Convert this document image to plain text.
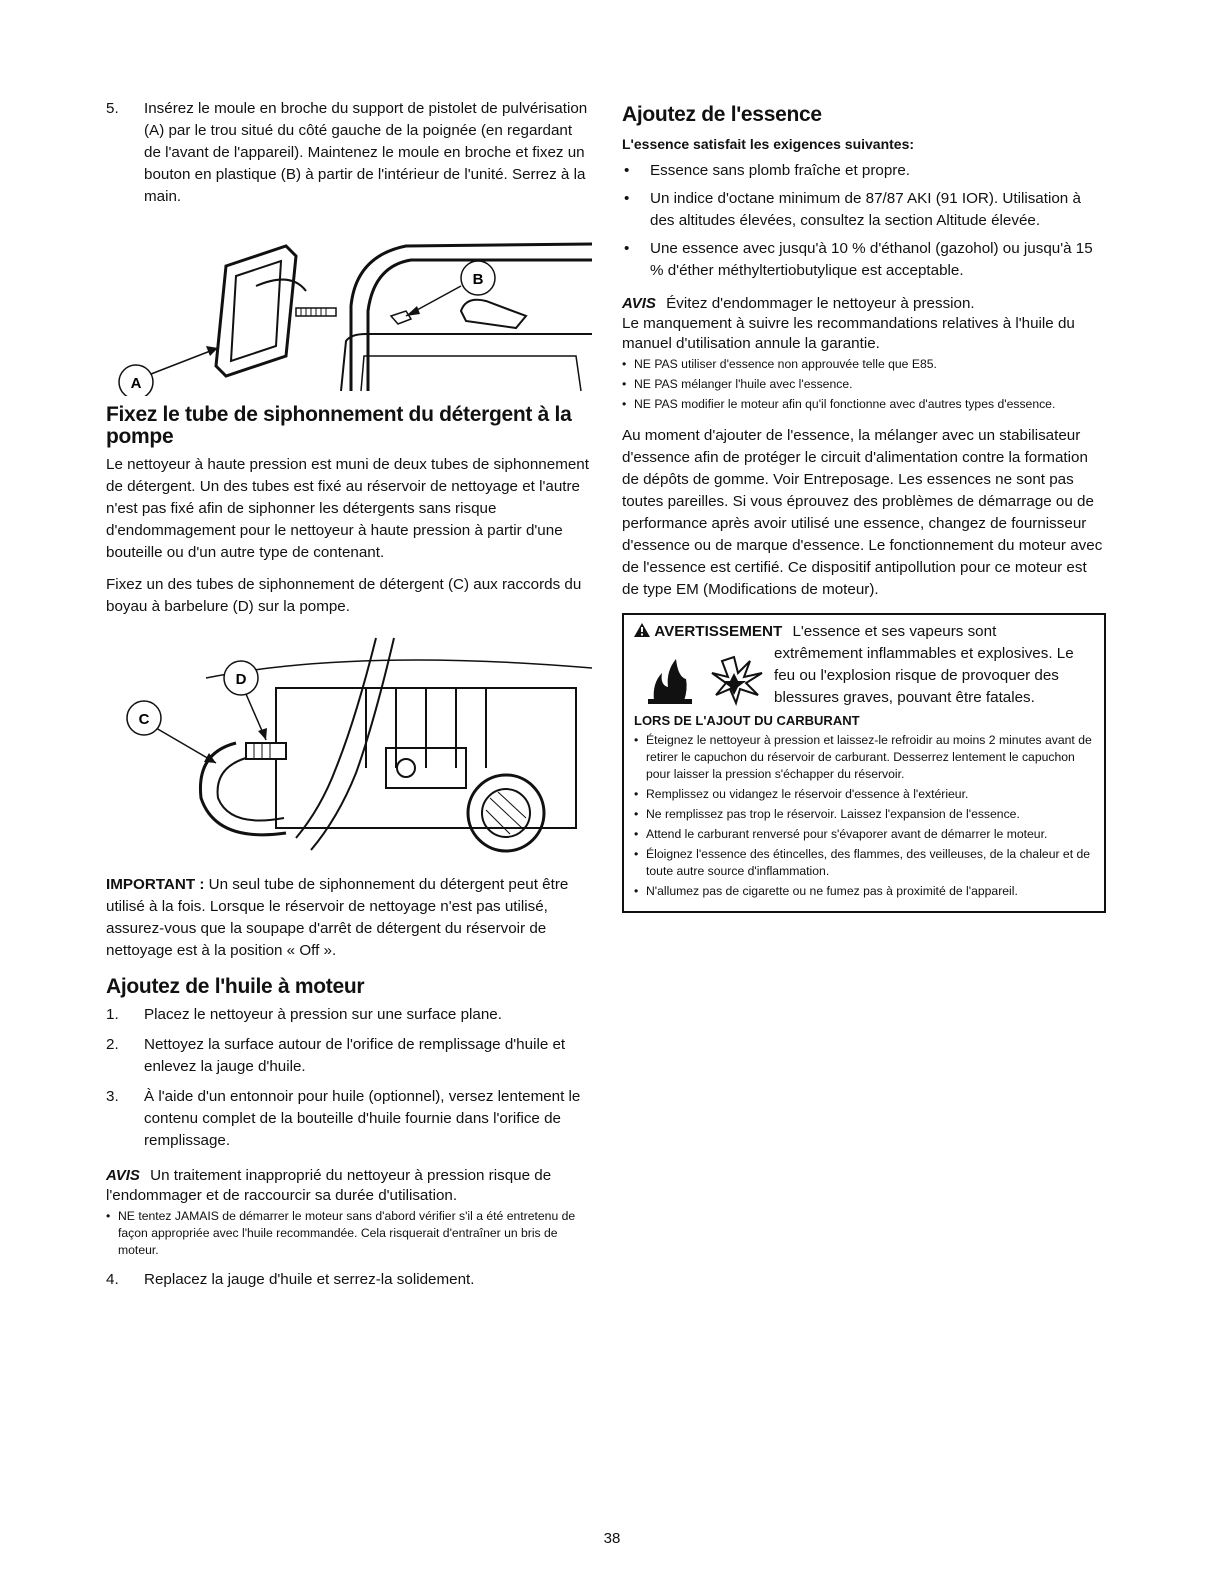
5.	Insérez le moule en broche du support de pistolet de pulvérisation (A) par le trou situé du côté gauche de la poignée (en regardant de l'avant de l'appareil). Maintenez le moule en broche et fixez un bouton en plastique (B) à partir de l'intérieur de l'unité. Serrez à la main.
B
A
Fixez le tube de siphonnement du détergent à la pompe

Le nettoyeur à haute pression est muni de deux tubes de siphonnement de détergent. Un des tubes est fixé au réservoir de nettoyage et l'autre n'est pas fixé afin de siphonner les détergents sans risque d'endommagement pour le nettoyeur à haute pression à partir d'une bouteille ou d'un autre type de contenant.

Fixez un des tubes de siphonnement de détergent (C) aux raccords du boyau à barbelure (D) sur la pompe.

C
D

IMPORTANT : Un seul tube de siphonnement du détergent peut être utilisé à la fois. Lorsque le réservoir de nettoyage n'est pas utilisé, assurez-vous que la soupape d'arrêt de détergent du réservoir de nettoyage est à la position « Off ».

Ajoutez de l'huile à moteur
1.	Placez le nettoyeur à pression sur une surface plane.
2.	Nettoyez la surface autour de l'orifice de remplissage d'huile et enlevez la jauge d'huile.
3.	À l'aide d'un entonnoir pour huile (optionnel), versez lentement le contenu complet de la bouteille d'huile fournie dans l'orifice de remplissage.

AVIS Un traitement inapproprié du nettoyeur à pression risque de l'endommager et de raccourcir sa durée d'utilisation.

• NE tentez JAMAIS de démarrer le moteur sans d'abord vérifier s'il a été entretenu de façon appropriée avec l'huile recommandée. Cela risquerait d'entraîner un bris de moteur.
4.	Replacez la jauge d'huile et serrez-la solidement.
Ajoutez de l'essence
L'essence satisfait les exigences suivantes:
• Essence sans plomb fraîche et propre.
• Un indice d'octane minimum de 87/87 AKI (91 IOR). Utilisation à des altitudes élevées, consultez la section Altitude élevée.
• Une essence avec jusqu'à 10 % d'éthanol (gazohol) ou jusqu'à 15 % d'éther méthyltertiobutylique est acceptable.

AVIS Évitez d'endommager le nettoyeur à pression.

Le manquement à suivre les recommandations relatives à l'huile du manuel d'utilisation annule la garantie.

• NE PAS utiliser d'essence non approuvée telle que E85.
• NE PAS mélanger l'huile avec l'essence.
• NE PAS modifier le moteur afin qu'il fonctionne avec d'autres types d'essence.

Au moment d'ajouter de l'essence, la mélanger avec un stabilisateur d'essence afin de protéger le circuit d'alimentation contre la formation de dépôts de gomme. Voir Entreposage. Les essences ne sont pas toutes pareilles. Si vous éprouvez des problèmes de démarrage ou de performance après avoir utilisé une essence, changez de fournisseur d'essence ou de marque d'essence. Le fonctionnement du moteur avec de l'essence est certifié. Ce dispositif antipollution pour ce moteur est de type EM (Modifications de moteur).

AVERTISSEMENT L'essence et ses vapeurs sont
extrêmement inflammables et explosives. Le feu ou l'explosion risque de provoquer des blessures graves, pouvant être fatales.
LORS DE L'AJOUT DU CARBURANT
• Éteignez le nettoyeur à pression et laissez-le refroidir au moins 2 minutes avant de retirer le capuchon du réservoir de carburant. Desserrez lentement le capuchon pour laisser la pression s'échapper du réservoir.
• Remplissez ou vidangez le réservoir d'essence à l'extérieur.
• Ne remplissez pas trop le réservoir. Laissez l'expansion de l'essence.
• Attend le carburant renversé pour s'évaporer avant de démarrer le moteur.
• Éloignez l'essence des étincelles, des flammes, des veilleuses, de la chaleur et de toute autre source d'inflammation.
• N'allumez pas de cigarette ou ne fumez pas à proximité de l'appareil.
38
